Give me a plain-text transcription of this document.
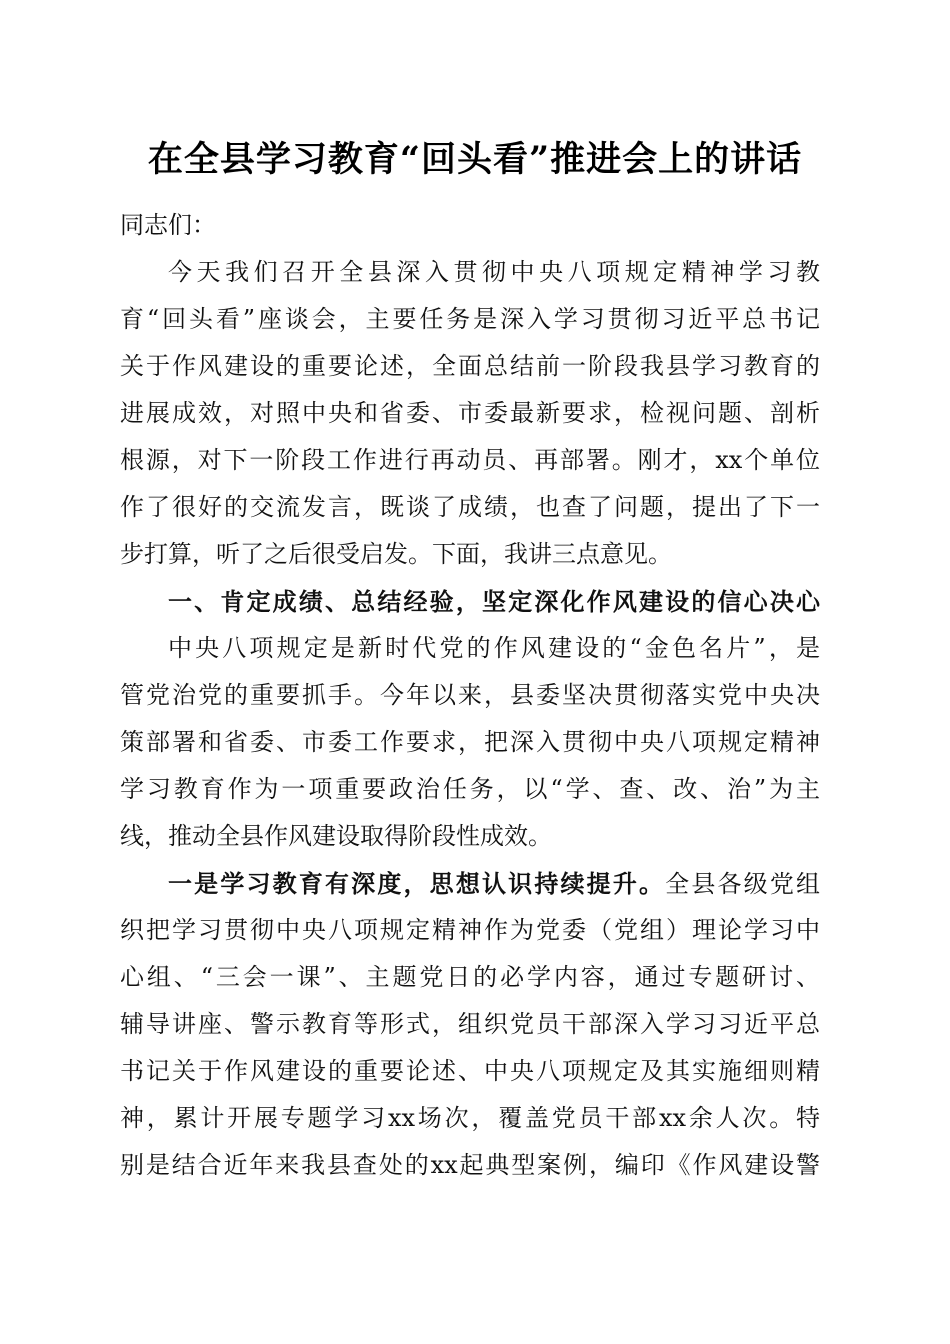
在全县学习教育“回头看”推进会上的讲话

同志们：

今天我们召开全县深入贯彻中央八项规定精神学习教

育“回头看”座谈会，主要任务是深入学习贯彻习近平总书记

关于作风建设的重要论述，全面总结前一阶段我县学习教育的

进展成效，对照中央和省委、市委最新要求，检视问题、剖析

根源，对下一阶段工作进行再动员、再部署。刚才，xx个单位

作了很好的交流发言，既谈了成绩，也查了问题，提出了下一

步打算，听了之后很受启发。下面，我讲三点意见。

一、肯定成绩、总结经验，坚定深化作风建设的信心决心

中央八项规定是新时代党的作风建设的“金色名片”，是

管党治党的重要抓手。今年以来，县委坚决贯彻落实党中央决

策部署和省委、市委工作要求，把深入贯彻中央八项规定精神

学习教育作为一项重要政治任务，以“学、查、改、治”为主

线，推动全县作风建设取得阶段性成效。

一是学习教育有深度，思想认识持续提升。全县各级党组

织把学习贯彻中央八项规定精神作为党委（党组）理论学习中

心组、“三会一课”、主题党日的必学内容，通过专题研讨、

辅导讲座、警示教育等形式，组织党员干部深入学习习近平总

书记关于作风建设的重要论述、中央八项规定及其实施细则精

神，累计开展专题学习xx场次，覆盖党员干部xx余人次。特

别是结合近年来我县查处的xx起典型案例，编印《作风建设警
